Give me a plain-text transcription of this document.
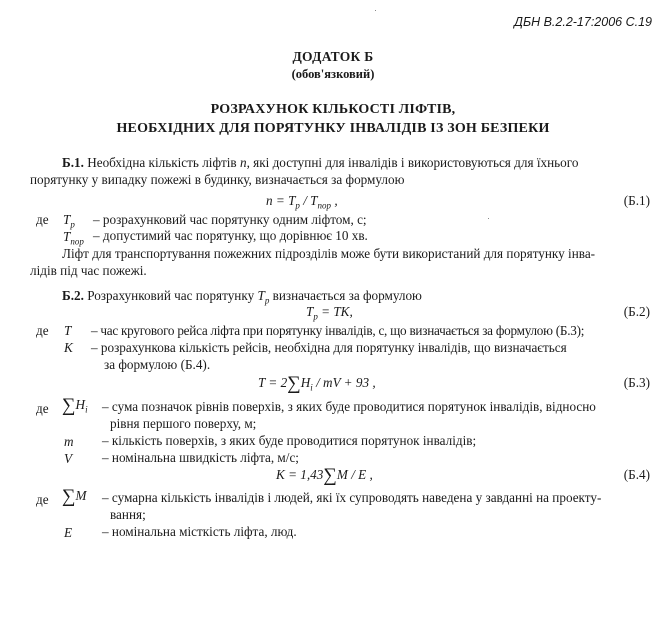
ДБН В.2.2-17:2006 С.19
ДОДАТОК Б
(обов'язковий)
РОЗРАХУНОК КІЛЬКОСТІ ЛІФТІВ,
НЕОБХІДНИХ ДЛЯ ПОРЯТУНКУ ІНВАЛІДІВ ІЗ ЗОН БЕЗПЕКИ
Б.1. Необхідна кількість ліфтів n, які доступні для інвалідів і використовуються для їхнього
порятунку у випадку пожежі в будинку, визначається за формулою
$n = T_p / T_{пор}$ ,	(Б.1)
де $T_p$ – розрахунковий час порятунку одним ліфтом, с;
$T_{пор}$ – допустимий час порятунку, що дорівнює 10 хв.
Ліфт для транспортування пожежних підрозділів може бути використаний для порятунку інва-
лідів під час пожежі.
Б.2. Розрахунковий час порятунку $T_p$ визначається за формулою
$T_p$ = TK,	(Б.2)
де T – час кругового рейса ліфта при порятунку інвалідів, с, що визначається за формулою (Б.3);
K – розрахункова кількість рейсів, необхідна для порятунку інвалідів, що визначається
за формулою (Б.4).
$T = 2\sum H_i$ / mV + 93 ,	(Б.3)
де $\sum H_i$ – сума позначок рівнів поверхів, з яких буде проводитися порятунок інвалідів, відносно
рівня першого поверху, м;
m – кількість поверхів, з яких буде проводитися порятунок інвалідів;
V – номінальна швидкість ліфта, м/с;
K = 1,43∑M / E ,	(Б.4)
де ∑M – сумарна кількість інвалідів і людей, які їх супроводять наведена у завданні на проекту-
вання;
E – номінальна місткість ліфта, люд.
